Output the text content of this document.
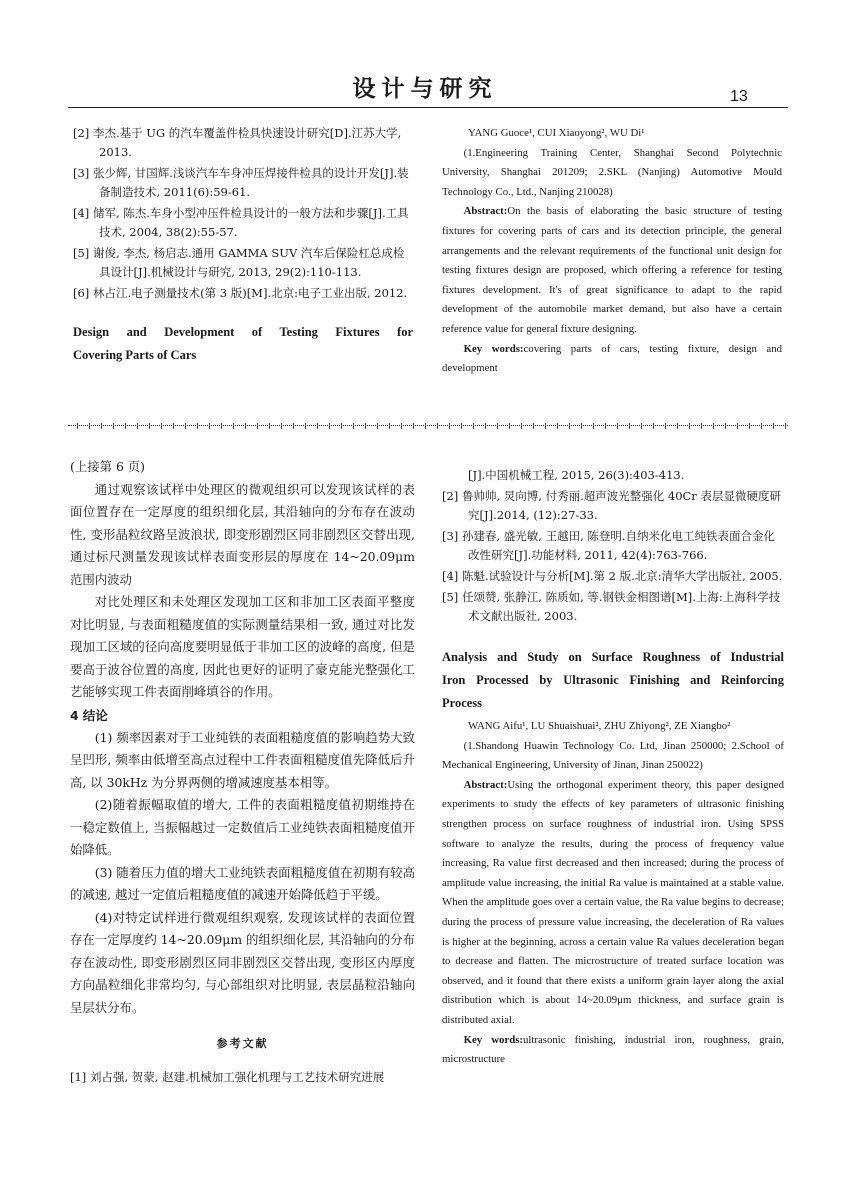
设计与研究	13
[2] 李杰.基于 UG 的汽车覆盖件检具快速设计研究[D].江苏大学, 2013.
[3] 张少辉, 甘国辉.浅谈汽车车身冲压焊接件检具的设计开发[J].装备制造技术, 2011(6):59-61.
[4] 储军, 陈杰.车身小型冲压件检具设计的一般方法和步骤[J].工具技术, 2004, 38(2):55-57.
[5] 谢俊, 李杰, 杨启志.通用 GAMMA SUV 汽车后保险杠总成检具设计[J].机械设计与研究, 2013, 29(2):110-113.
[6] 林占江.电子测量技术(第 3 版)[M].北京:电子工业出版, 2012.
Design and Development of Testing Fixtures for
Covering Parts of Cars
YANG Guoce¹, CUI Xiaoyong², WU Di¹
(1.Engineering Training Center, Shanghai Second Polytechnic University, Shanghai 201209; 2.SKL (Nanjing) Automotive Mould Technology Co., Ltd., Nanjing 210028)
Abstract:On the basis of elaborating the basic structure of testing fixtures for covering parts of cars and its detection principle, the general arrangements and the relevant requirements of the functional unit design for testing fixtures design are proposed, which offering a reference for testing fixtures development. It's of great significance to adapt to the rapid development of the automobile market demand, but also have a certain reference value for general fixture designing.
Key words:covering parts of cars, testing fixture, design and development

(上接第 6 页)

通过观察该试样中处理区的微观组织可以发现该试样的表面位置存在一定厚度的组织细化层, 其沿轴向的分布存在波动性, 变形晶粒纹路呈波浪状, 即变形剧烈区同非剧烈区交替出现, 通过标尺测量发现该试样表面变形层的厚度在 14~20.09μm 范围内波动

对比处理区和未处理区发现加工区和非加工区表面平整度对比明显, 与表面粗糙度值的实际测量结果相一致, 通过对比发现加工区域的径向高度要明显低于非加工区的波峰的高度, 但是要高于波谷位置的高度, 因此也更好的证明了豪克能光整强化工艺能够实现工件表面削峰填谷的作用。

4 结论

(1) 频率因素对于工业纯铁的表面粗糙度值的影响趋势大致呈凹形, 频率由低增至高点过程中工件表面粗糙度值先降低后升高, 以 30kHz 为分界两侧的增减速度基本相等。

(2)随着振幅取值的增大, 工件的表面粗糙度值初期维持在一稳定数值上, 当振幅越过一定数值后工业纯铁表面粗糙度值开始降低。

(3) 随着压力值的增大工业纯铁表面粗糙度值在初期有较高的减速, 越过一定值后粗糙度值的减速开始降低趋于平缓。

(4)对特定试样进行微观组织观察, 发现该试样的表面位置存在一定厚度约 14~20.09μm 的组织细化层, 其沿轴向的分布存在波动性, 即变形剧烈区同非剧烈区交替出现, 变形区内厚度方向晶粒细化非常均匀, 与心部组织对比明显, 表层晶粒沿轴向呈层状分布。

参考文献
[1] 刘占强, 贺蒙, 赵建.机械加工强化机理与工艺技术研究进展
[J].中国机械工程, 2015, 26(3):403-413.
[2] 鲁帅帅, 炅向博, 付秀丽.超声波光整强化 40Cr 表层显微硬度研究[J].2014, (12):27-33.
[3] 孙建春, 盛光敏, 王越田, 陈登明.自纳米化电工纯铁表面合金化改性研究[J].功能材料, 2011, 42(4):763-766.
[4] 陈魁.试验设计与分析[M].第 2 版.北京:清华大学出版社, 2005.
[5] 任颂赞, 张静江, 陈质如, 等.钢铁金相图谱[M].上海:上海科学技术文献出版社, 2003.
Analysis and Study on Surface Roughness of Industrial
Iron Processed by Ultrasonic Finishing and Reinforcing
Process
WANG Aifu¹, LU Shuaishuai², ZHU Zhiyong², ZE Xiangbo²
(1.Shandong Huawin Technology Co. Ltd, Jinan 250000; 2.School of Mechanical Engineering, University of Jinan, Jinan 250022)
Abstract:Using the orthogonal experiment theory, this paper designed experiments to study the effects of key parameters of ultrasonic finishing strengthen process on surface roughness of industrial iron. Using SPSS software to analyze the results, during the process of frequency value increasing, Ra value first decreased and then increased; during the process of amplitude value increasing, the initial Ra value is maintained at a stable value. When the amplitude goes over a certain value, the Ra value begins to decrease; during the process of pressure value increasing, the deceleration of Ra values is higher at the beginning, across a certain value Ra values deceleration began to decrease and flatten. The microstructure of treated surface location was observed, and it found that there exists a uniform grain layer along the axial distribution which is about 14~20.09μm thickness, and surface grain is distributed axial.
Key words:ultrasonic finishing, industrial iron, roughness, grain, microstructure
